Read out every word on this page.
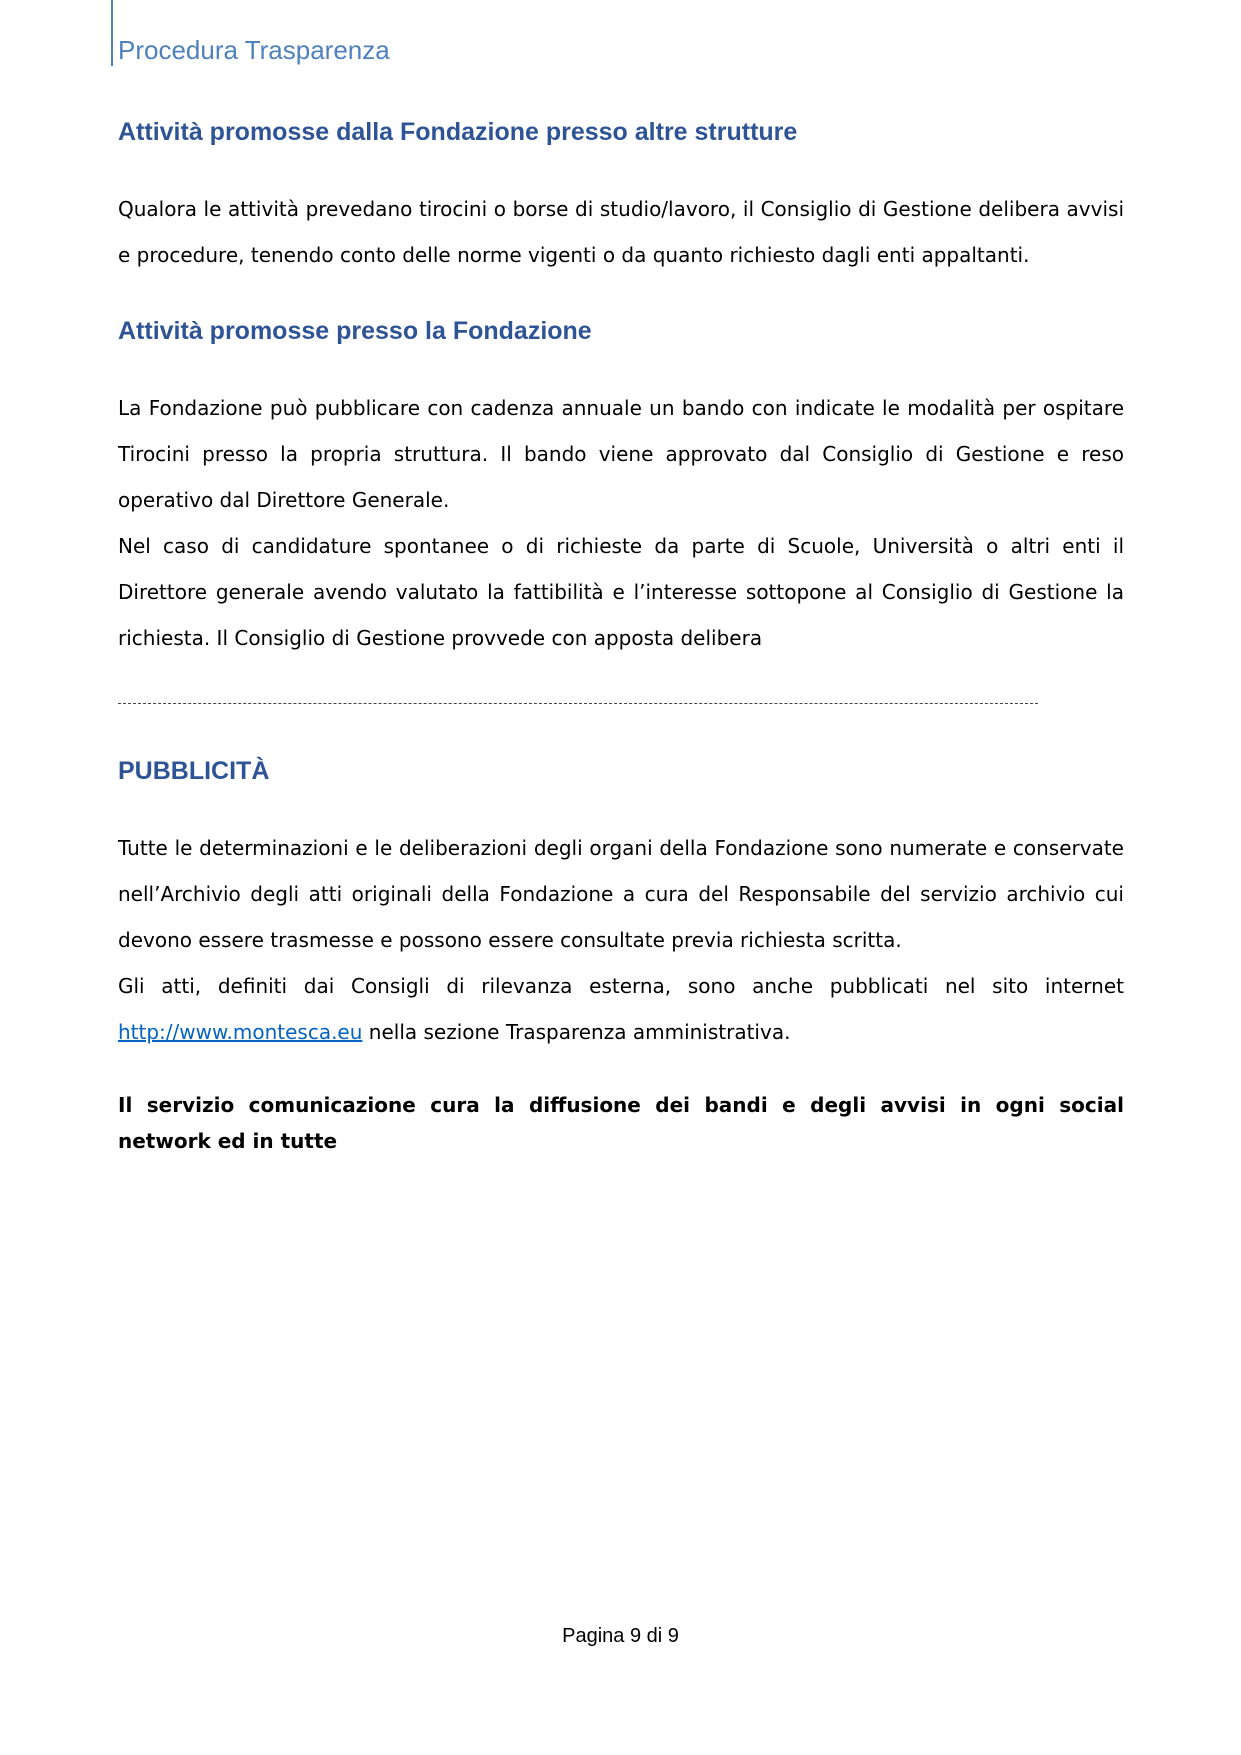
Procedura Trasparenza
Attività promosse dalla Fondazione presso altre strutture

Qualora le attività prevedano tirocini o borse di studio/lavoro, il Consiglio di Gestione delibera avvisi e procedure, tenendo conto delle norme vigenti o da quanto richiesto dagli enti appaltanti.

Attività promosse presso la Fondazione

La Fondazione può pubblicare con cadenza annuale un bando con indicate le modalità per ospitare Tirocini presso la propria struttura. Il bando viene approvato dal Consiglio di Gestione e reso operativo dal Direttore Generale.

Nel caso di candidature spontanee o di richieste da parte di Scuole, Università o altri enti il Direttore generale avendo valutato la fattibilità e l’interesse sottopone al Consiglio di Gestione la richiesta. Il Consiglio di Gestione provvede con apposta delibera

PUBBLICITÀ

Tutte le determinazioni e le deliberazioni degli organi della Fondazione sono numerate e conservate nell’Archivio degli atti originali della Fondazione a cura del Responsabile del servizio archivio cui devono essere trasmesse e possono essere consultate previa richiesta scritta.

Gli atti, definiti dai Consigli di rilevanza esterna, sono anche pubblicati nel sito internet

http://www.montesca.eu nella sezione Trasparenza amministrativa.

Il servizio comunicazione cura la diffusione dei bandi e degli avvisi in ogni social network ed in tutte
Pagina 9 di 9
